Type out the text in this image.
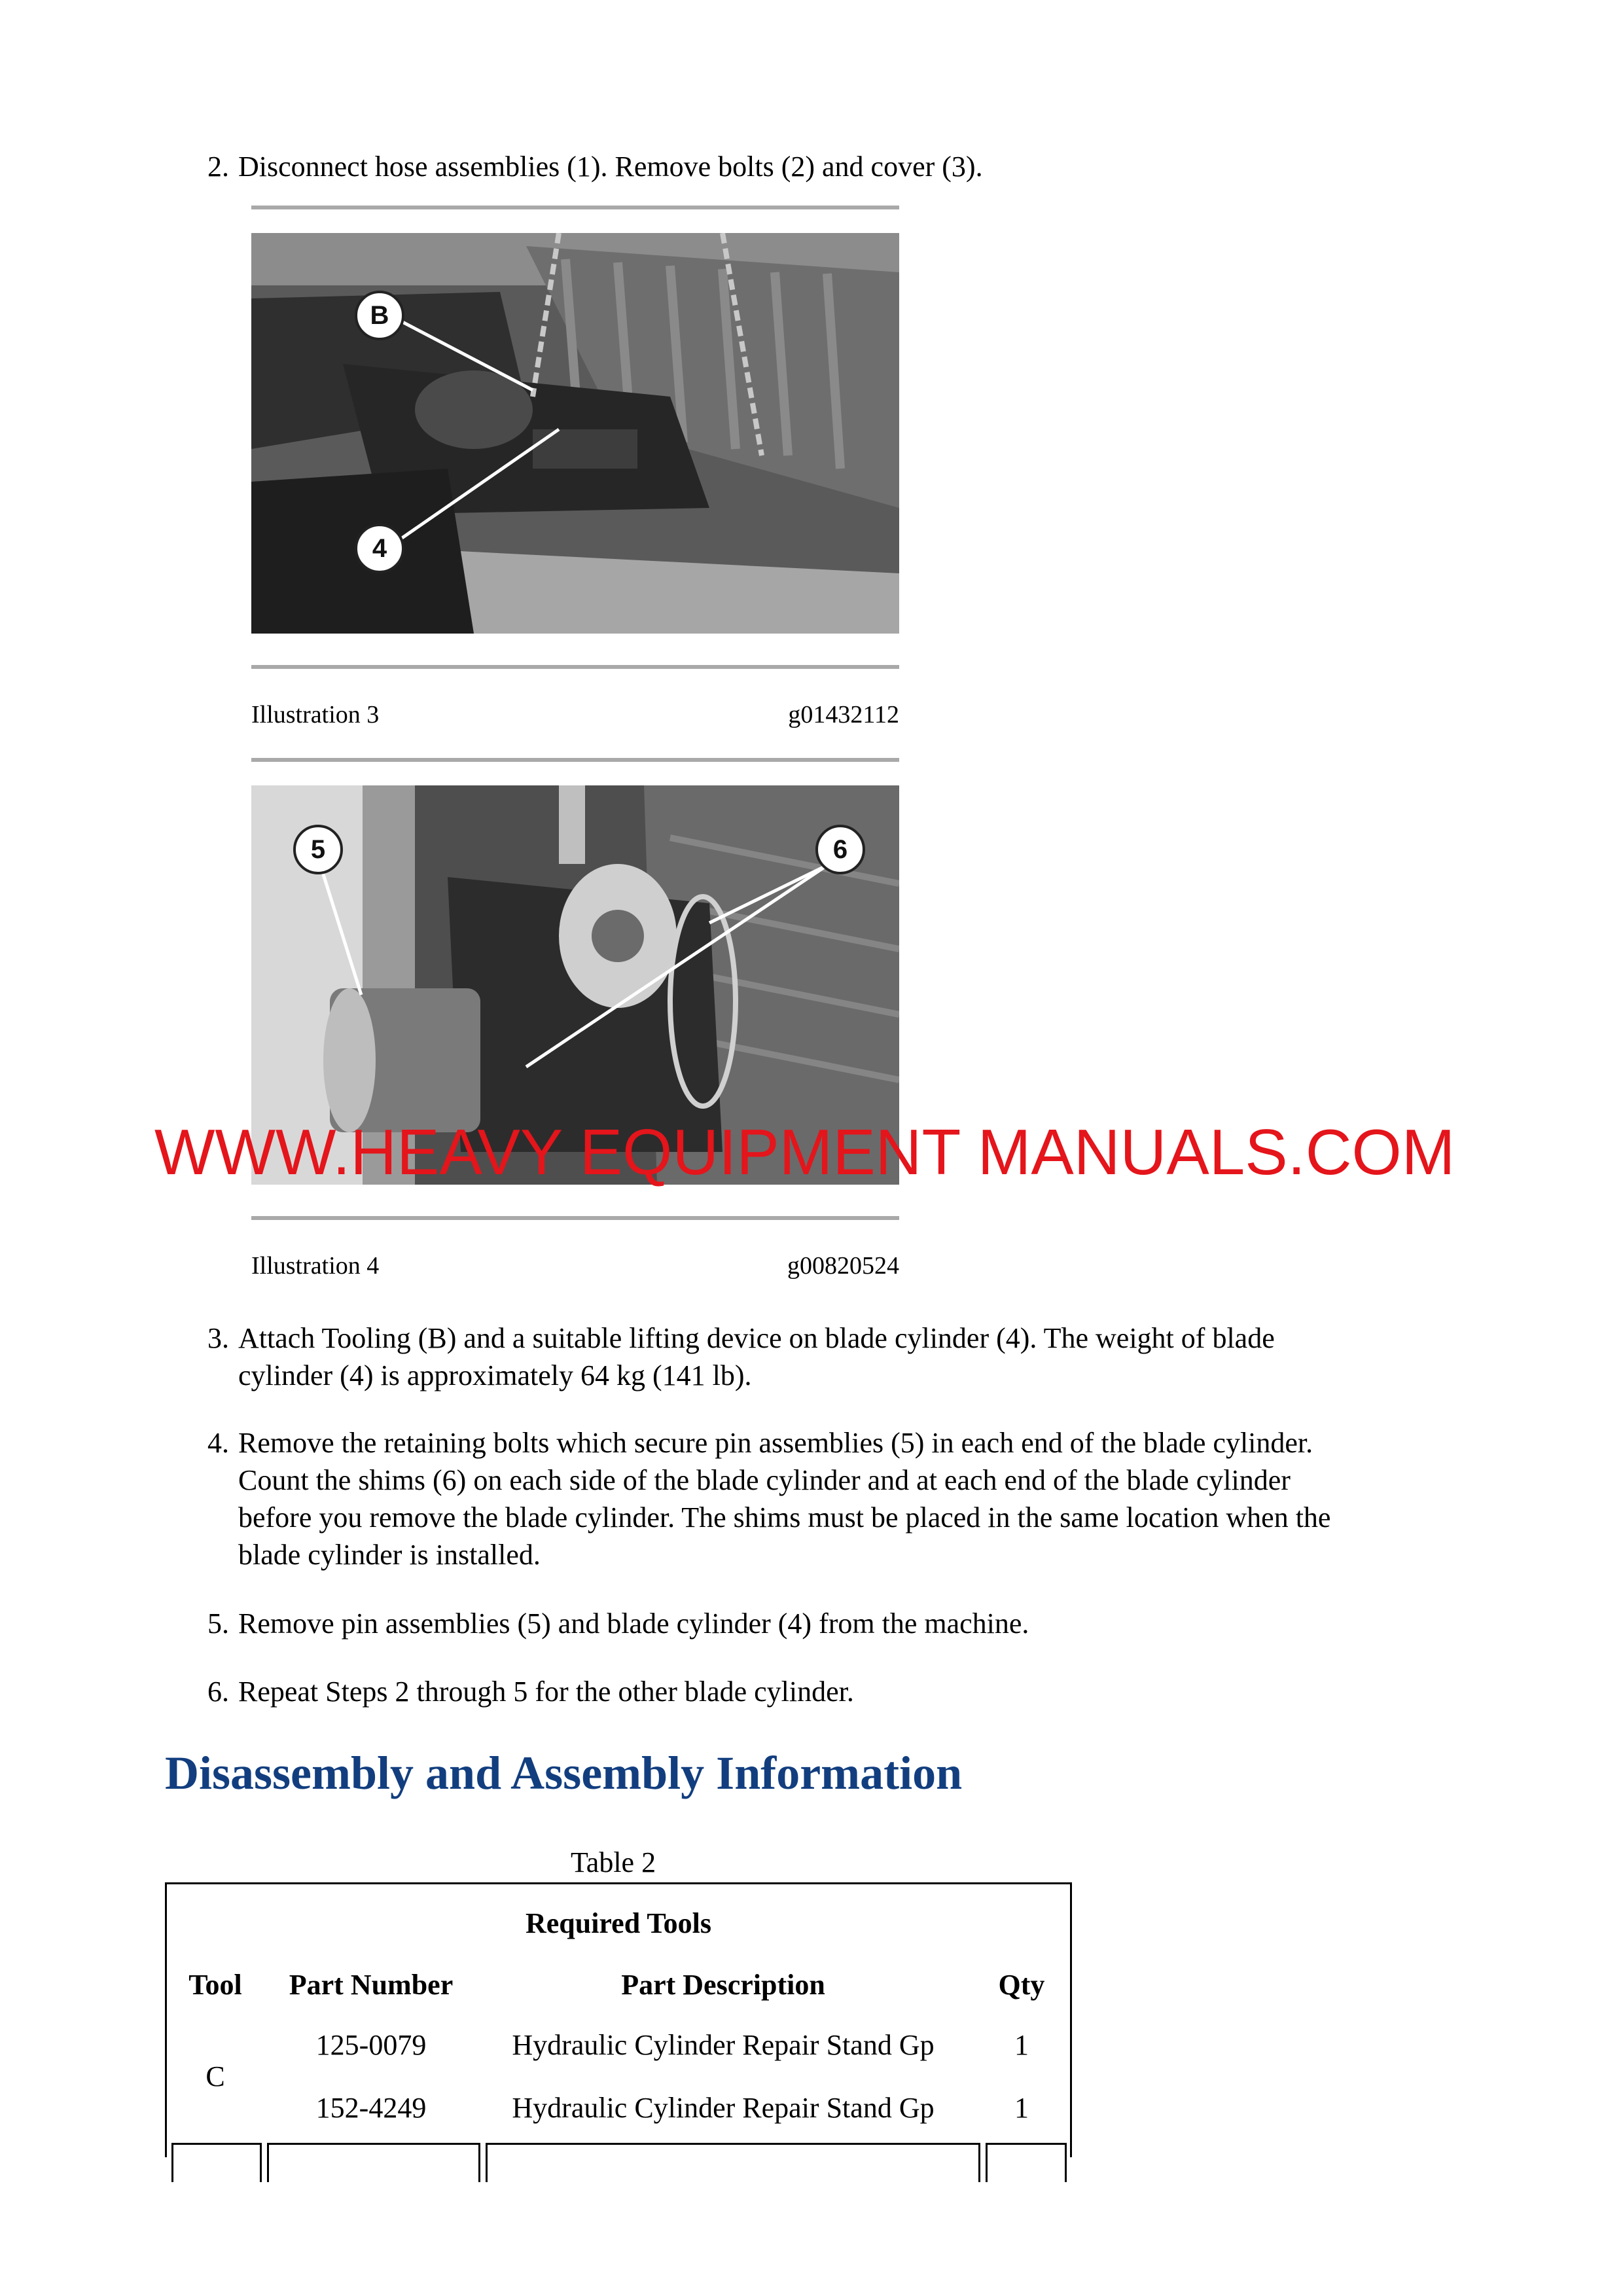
2. Disconnect hose assemblies (1). Remove bolts (2) and cover (3).
B
4
Illustration 3	g01432112
5	6
WWW.HEAVY EQUIPMENT MANUALS.COM
Illustration 4	g00820524
3. Attach Tooling (B) and a suitable lifting device on blade cylinder (4). The weight of blade
cylinder (4) is approximately 64 kg (141 lb).
4. Remove the retaining bolts which secure pin assemblies (5) in each end of the blade cylinder.
Count the shims (6) on each side of the blade cylinder and at each end of the blade cylinder
before you remove the blade cylinder. The shims must be placed in the same location when the
blade cylinder is installed.
5. Remove pin assemblies (5) and blade cylinder (4) from the machine.
6. Repeat Steps 2 through 5 for the other blade cylinder.
Disassembly and Assembly Information
Table 2
Required Tools
Tool	Part Number	Part Description	Qty
C
125-0079	Hydraulic Cylinder Repair Stand Gp	1
152-4249	Hydraulic Cylinder Repair Stand Gp	1
